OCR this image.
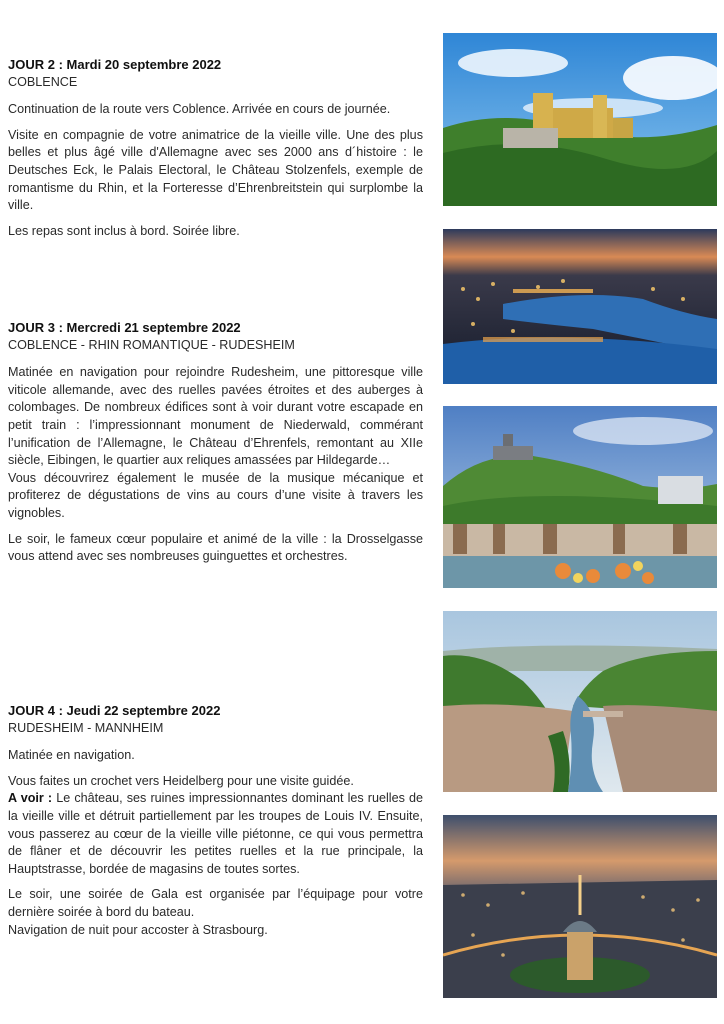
JOUR 2 : Mardi 20 septembre 2022
COBLENCE

Continuation de la route vers Coblence. Arrivée en cours de journée.

Visite en compagnie de votre animatrice de la vieille ville. Une des plus belles et plus âgé ville d'Allemagne avec ses 2000 ans d´histoire : le Deutsches Eck, le Palais Electoral, le Château Stolzenfels, exemple de romantisme du Rhin, et la Forteresse d’Ehrenbreitstein qui surplombe la ville.

Les repas sont inclus à bord. Soirée libre.

JOUR 3 : Mercredi 21 septembre 2022
COBLENCE - RHIN ROMANTIQUE - RUDESHEIM

Matinée en navigation pour rejoindre Rudesheim, une pittoresque ville viticole allemande, avec des ruelles pavées étroites et des auberges à colombages. De nombreux édifices sont à voir durant votre escapade en petit train : l’impressionnant monument de Niederwald, commérant l’unification de l’Allemagne, le Château d’Ehrenfels, remontant au XIIe siècle, Eibingen, le quartier aux reliques amassées par Hildegarde…

Vous découvrirez également le musée de la musique mécanique et profiterez de dégustations de vins au cours d’une visite à travers les vignobles.

Le soir, le fameux cœur populaire et animé de la ville : la Drosselgasse vous attend avec ses nombreuses guinguettes et orchestres.

JOUR 4 : Jeudi 22 septembre 2022
RUDESHEIM - MANNHEIM

Matinée en navigation.

Vous faites un crochet vers Heidelberg pour une visite guidée.

A voir : Le château, ses ruines impressionnantes dominant les ruelles de la vieille ville et détruit partiellement par les troupes de Louis IV. Ensuite, vous passerez au cœur de la vieille ville piétonne, ce qui vous permettra de flâner et de découvrir les petites ruelles et la rue principale, la Hauptstrasse, bordée de magasins de toutes sortes.

Le soir, une soirée de Gala est organisée par l’équipage pour votre dernière soirée à bord du bateau.

Navigation de nuit pour accoster à Strasbourg.
